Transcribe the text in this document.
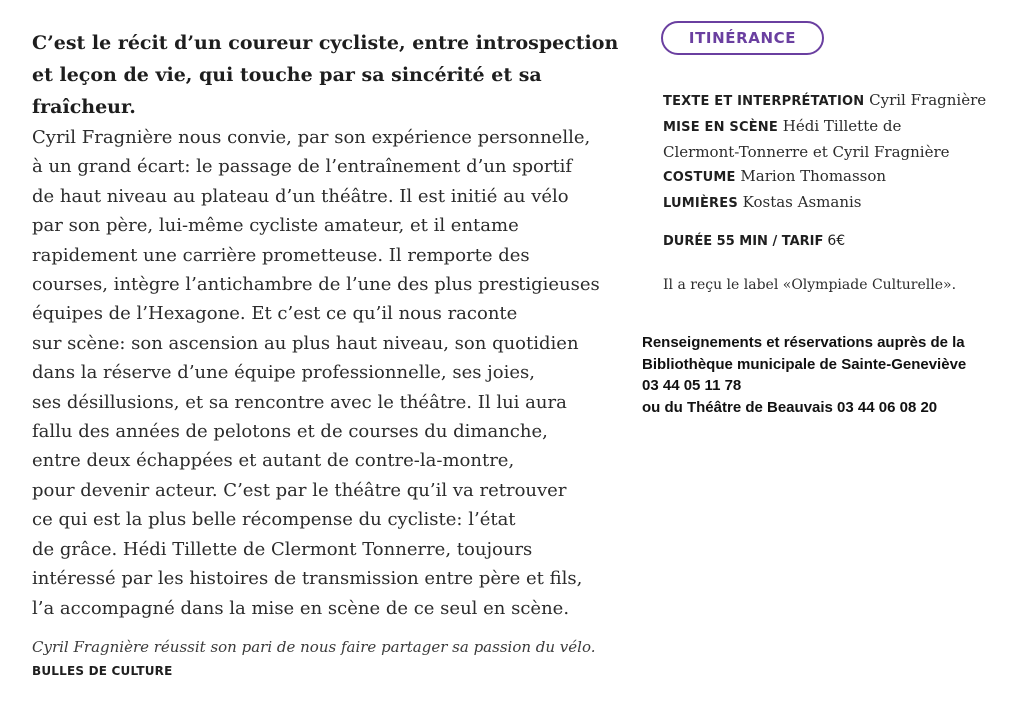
C’est le récit d’un coureur cycliste, entre introspection
et leçon de vie, qui touche par sa sincérité et sa fraîcheur.

Cyril Fragnière nous convie, par son expérience personnelle,
à un grand écart: le passage de l’entraînement d’un sportif
de haut niveau au plateau d’un théâtre. Il est initié au vélo
par son père, lui-même cycliste amateur, et il entame
rapidement une carrière prometteuse. Il remporte des
courses, intègre l’antichambre de l’une des plus prestigieuses
équipes de l’Hexagone. Et c’est ce qu’il nous raconte
sur scène: son ascension au plus haut niveau, son quotidien
dans la réserve d’une équipe professionnelle, ses joies,
ses désillusions, et sa rencontre avec le théâtre. Il lui aura
fallu des années de pelotons et de courses du dimanche,
entre deux échappées et autant de contre-la-montre,
pour devenir acteur. C’est par le théâtre qu’il va retrouver
ce qui est la plus belle récompense du cycliste: l’état
de grâce. Hédi Tillette de Clermont Tonnerre, toujours
intéressé par les histoires de transmission entre père et fils,
l’a accompagné dans la mise en scène de ce seul en scène.

Cyril Fragnière réussit son pari de nous faire partager sa passion du vélo.

BULLES DE CULTURE

ITINÉRANCE

TEXTE ET INTERPRÉTATION Cyril Fragnière

MISE EN SCÈNE Hédi Tillette de

Clermont-Tonnerre et Cyril Fragnière

COSTUME Marion Thomasson

LUMIÈRES Kostas Asmanis

DURÉE 55 MIN / TARIF 6€
Il a reçu le label «Olympiade Culturelle».

Renseignements et réservations auprès de la
Bibliothèque municipale de Sainte-Geneviève
03 44 05 11 78
ou du Théâtre de Beauvais 03 44 06 08 20
